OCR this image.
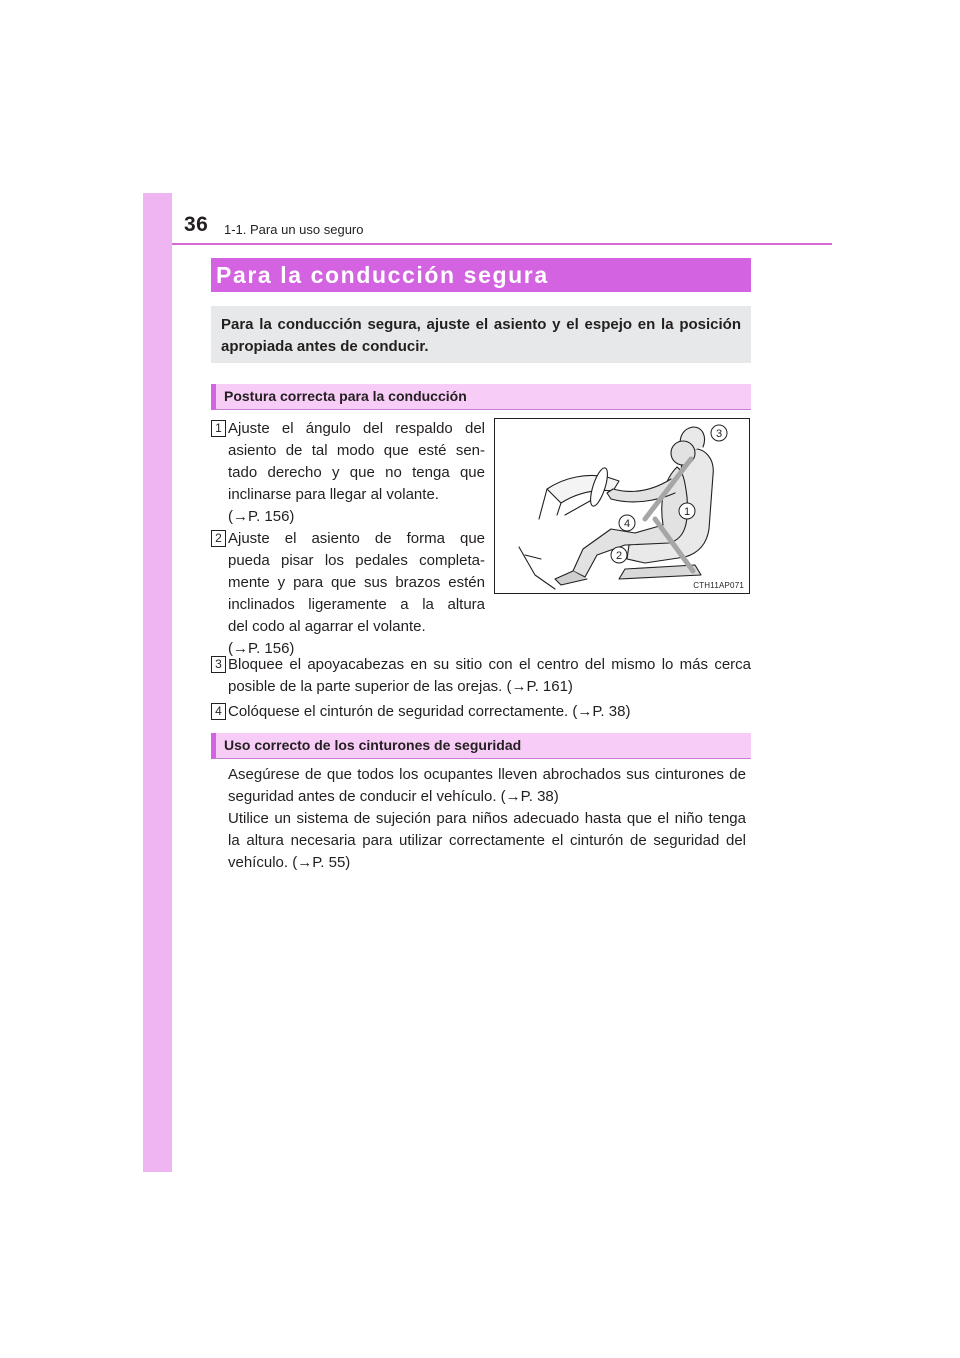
36 1-1. Para un uso seguro
Para la conducción segura
Para la conducción segura, ajuste el asiento y el espejo en la posición apropiada antes de conducir.
Postura correcta para la conducción
1 Ajuste el ángulo del respaldo del
asiento de tal modo que esté sen-
tado derecho y que no tenga que
inclinarse para llegar al volante.
(→P. 156)
2 Ajuste el asiento de forma que
pueda pisar los pedales completa-
mente y para que sus brazos estén
inclinados ligeramente a la altura
del codo al agarrar el volante.
(→P. 156)
1
2
3
4
CTH11AP071
3 Bloquee el apoyacabezas en su sitio con el centro del mismo lo más cerca
posible de la parte superior de las orejas. (→P. 161)
4 Colóquese el cinturón de seguridad correctamente. (→P. 38)
Uso correcto de los cinturones de seguridad
Asegúrese de que todos los ocupantes lleven abrochados sus cinturones de
seguridad antes de conducir el vehículo. (→P. 38)
Utilice un sistema de sujeción para niños adecuado hasta que el niño tenga
la altura necesaria para utilizar correctamente el cinturón de seguridad del
vehículo. (→P. 55)
